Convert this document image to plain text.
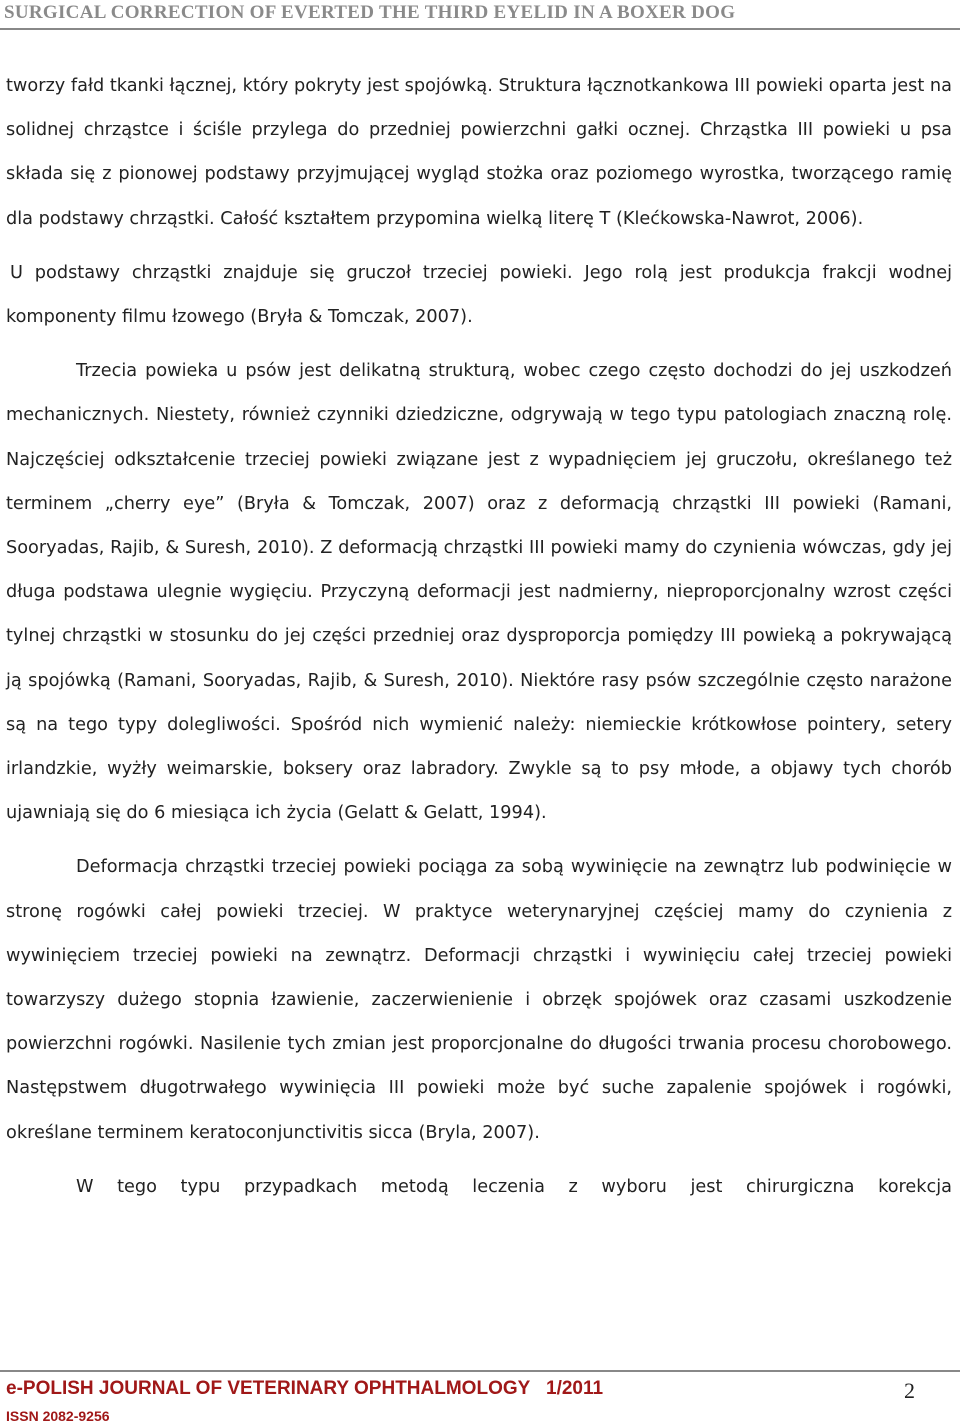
SURGICAL CORRECTION OF EVERTED THE THIRD EYELID IN A BOXER DOG

tworzy fałd tkanki łącznej, który pokryty jest spojówką. Struktura łącznotkankowa III powieki oparta jest na solidnej chrząstce i ściśle przylega do przedniej powierzchni gałki ocznej. Chrząstka III powieki u psa składa się z pionowej podstawy przyjmującej wygląd stożka oraz poziomego wyrostka, tworzącego ramię dla podstawy chrząstki. Całość kształtem przypomina wielką literę T (Klećkowska-Nawrot, 2006).

U podstawy chrząstki znajduje się gruczoł trzeciej powieki. Jego rolą jest produkcja frakcji wodnej komponenty filmu łzowego (Bryła & Tomczak, 2007).

Trzecia powieka u psów jest delikatną strukturą, wobec czego często dochodzi do jej uszkodzeń mechanicznych. Niestety, również czynniki dziedziczne, odgrywają w tego typu patologiach znaczną rolę. Najczęściej odkształcenie trzeciej powieki związane jest z wypadnięciem jej gruczołu, określanego też terminem „cherry eye” (Bryła & Tomczak, 2007) oraz z deformacją chrząstki III powieki (Ramani, Sooryadas, Rajib, & Suresh, 2010). Z deformacją chrząstki III powieki mamy do czynienia wówczas, gdy jej długa podstawa ulegnie wygięciu. Przyczyną deformacji jest nadmierny, nieproporcjonalny wzrost części tylnej chrząstki w stosunku do jej części przedniej oraz dysproporcja pomiędzy III powieką a pokrywającą ją spojówką (Ramani, Sooryadas, Rajib, & Suresh, 2010). Niektóre rasy psów szczególnie często narażone są na tego typy dolegliwości. Spośród nich wymienić należy: niemieckie krótkowłose pointery, setery irlandzkie, wyżły weimarskie, boksery oraz labradory. Zwykle są to psy młode, a objawy tych chorób ujawniają się do 6 miesiąca ich życia (Gelatt & Gelatt, 1994).

Deformacja chrząstki trzeciej powieki pociąga za sobą wywinięcie na zewnątrz lub podwinięcie w stronę rogówki całej powieki trzeciej. W praktyce weterynaryjnej częściej mamy do czynienia z wywinięciem trzeciej powieki na zewnątrz. Deformacji chrząstki i wywinięciu całej trzeciej powieki towarzyszy dużego stopnia łzawienie, zaczerwienienie i obrzęk spojówek oraz czasami uszkodzenie powierzchni rogówki. Nasilenie tych zmian jest proporcjonalne do długości trwania procesu chorobowego. Następstwem długotrwałego wywinięcia III powieki może być suche zapalenie spojówek i rogówki, określane terminem keratoconjunctivitis sicca (Bryla, 2007).

W tego typu przypadkach metodą leczenia z wyboru jest chirurgiczna korekcja

e-POLISH JOURNAL OF VETERINARY OPHTHALMOLOGY 1/2011	2
ISSN 2082-9256
